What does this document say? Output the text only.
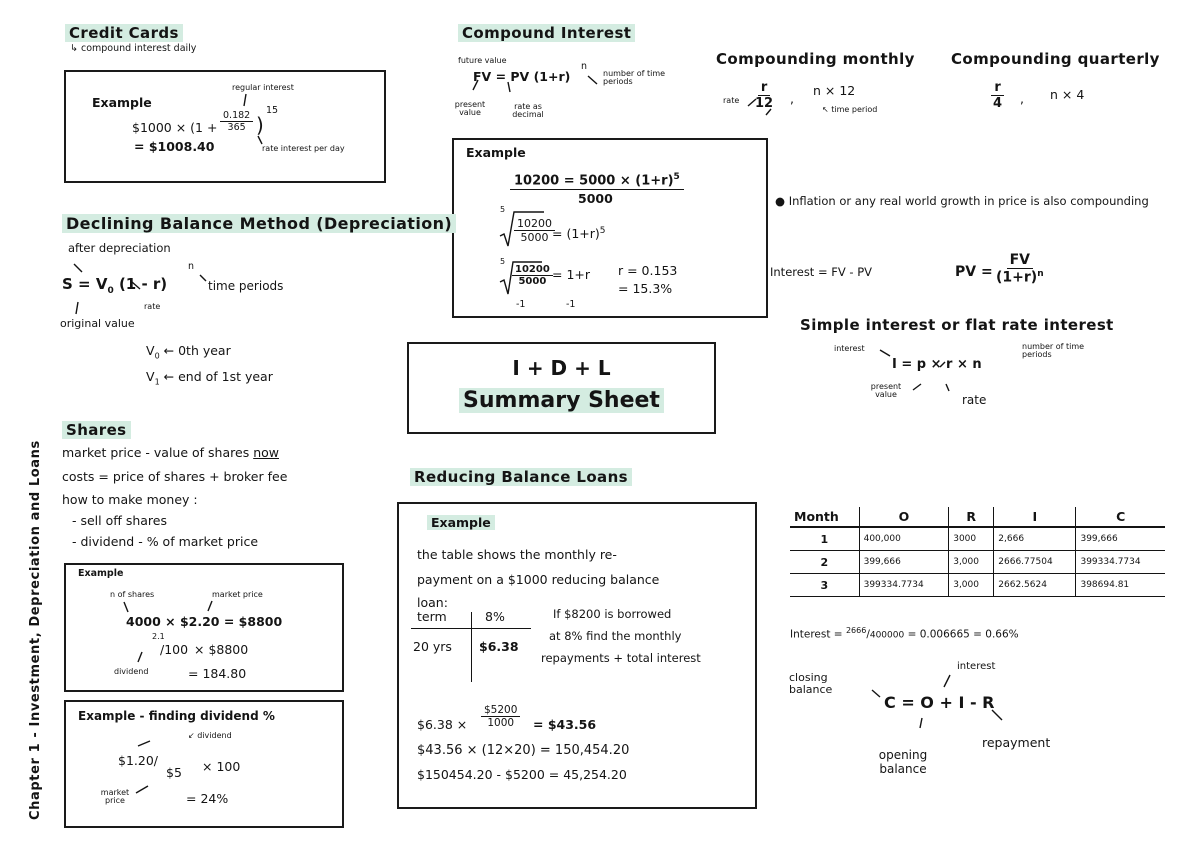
Chapter 1 - Investment, Depreciation and Loans
Credit Cards
↳ compound interest daily
Example
regular interest
$1000 × ($1 + \frac{0.182}{365}$ )
15
= $1008.40	rate interest per day
Compound Interest
future value
FV = PV (1+r)
n
number of time periods
present value
rate as decimal
Example
$10200 = 5000 \times (1+r)^5$
5000
5
$\frac{10200}{5000}$
= $(1+r)^5$
5
$\frac{10200}{5000} = 1+r$
-1	-1
r = 0.153
= 15.3%
Compounding monthly
rate $\frac{r}{12}$ ,
n × 12
↖ time period
Compounding quarterly
$\frac{r}{4}$ , n × 4
● Inflation or any real world growth in price is also compounding
Interest = FV - PV	PV = $\frac{FV}{(1+r)^n}$
Simple interest or flat rate interest
interest
I = p × r × n
number of time periods
present value	rate
Declining Balance Method (Depreciation)
after depreciation
$S = V_0$ (1 - r)
n
time periods
rate
original value
$V_0$ ← 0th year
$V_1$ ← end of 1st year	I + D + L
Summary Sheet
Shares
market price - value of shares now
costs = price of shares + broker fee
how to make money :
- sell off shares
- dividend - % of market price
Example
n of shares	market price
4000 × $2.20 = $8800
2.1
/100 × $8800
dividend	= 184.80
Example - finding dividend %
↙ dividend
$1.20/
$5 × 100
market price	= 24%
Reducing Balance Loans
Example
the table shows the monthly re-
payment on a $1000 reducing balance
loan:
term	8%
20 yrs $6.38
If $8200 is borrowed
at 8% find the monthly
repayments + total interest
$6.38 × $\frac{\$5200}{1000}$ = $43.56
$43.56 × (12×20) = 150,454.20
$150454.20 - $5200 = 45,254.20
Month	O	R	I	C
1	400,000	3000	2,666	399,666
2	399,666	3,000	2666.77504	399334.7734
3	399334.7734	3,000	2662.5624	398694.81
Interest = $^{2666}$/400000 = 0.006665 = 0.66%
closing balance
interest
C = O + I - R
opening balance
repayment
